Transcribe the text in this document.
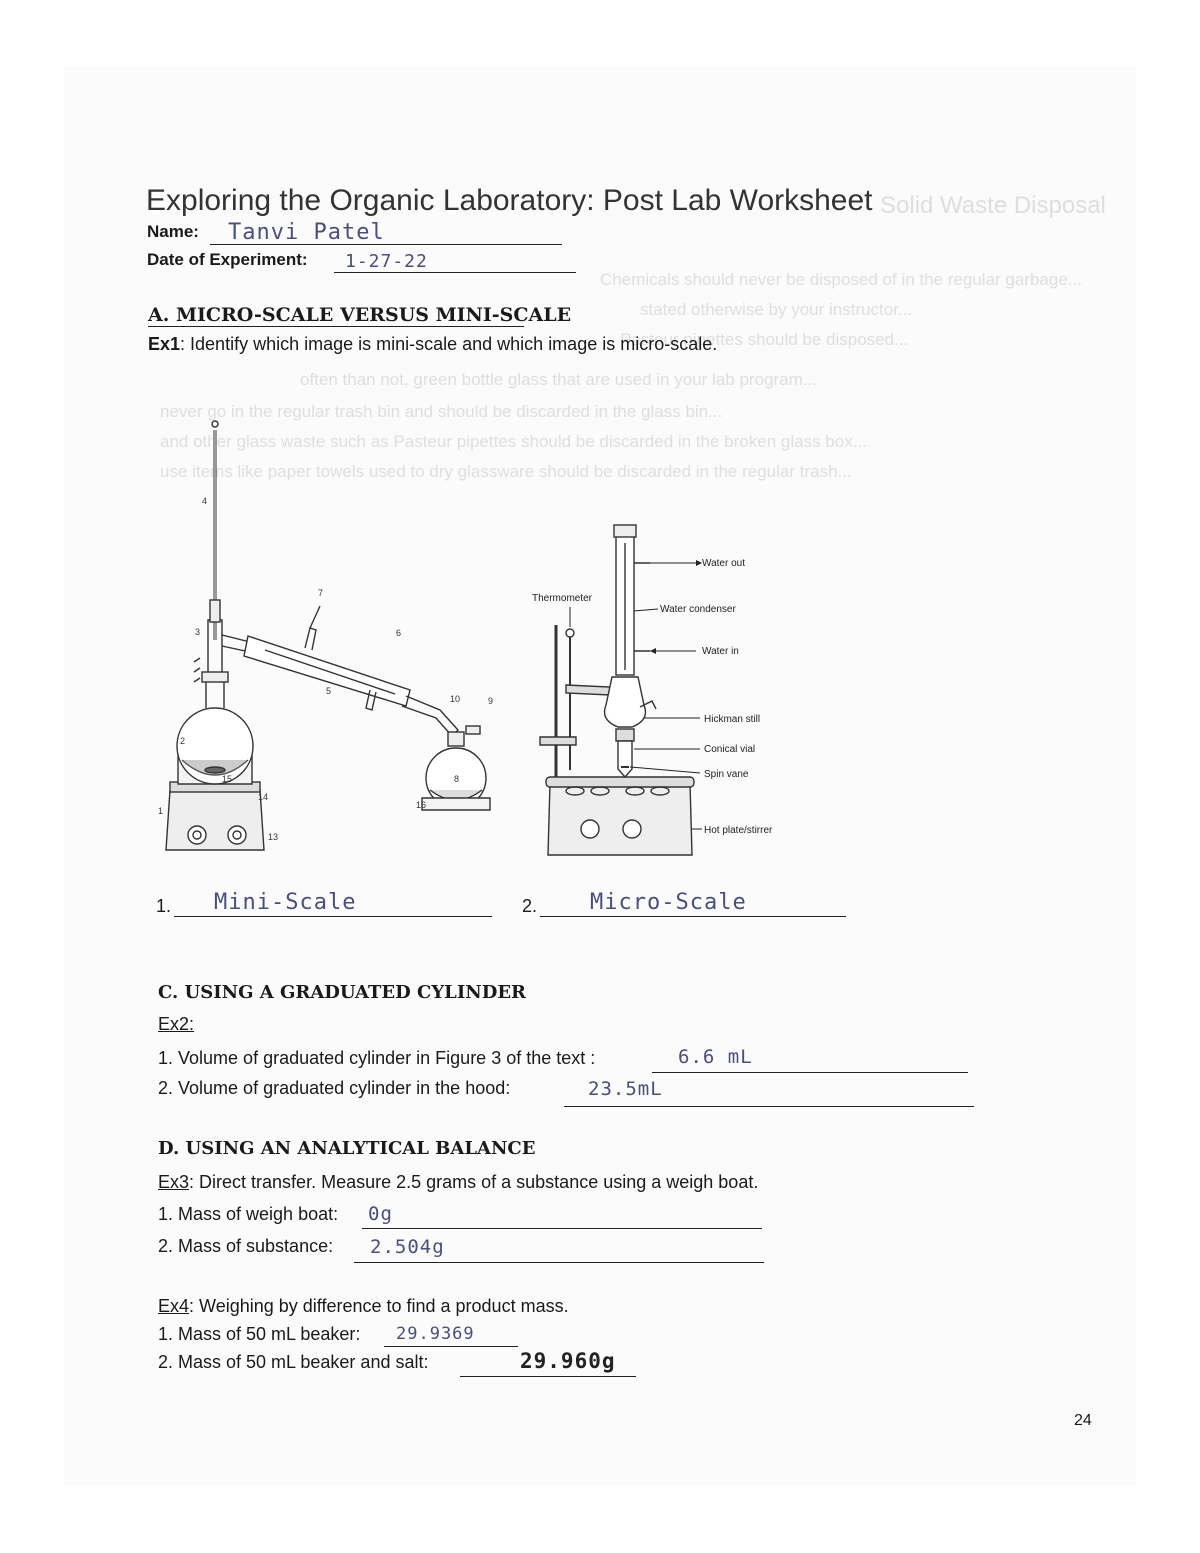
Solid Waste Disposal
Chemicals should never be disposed of in the regular garbage...
stated otherwise by your instructor...
Pasteur pipettes should be disposed...
often than not, green bottle glass that are used in your lab program...
never go in the regular trash bin and should be discarded in the glass bin...
and other glass waste such as Pasteur pipettes should be discarded in the broken glass box...
use items like paper towels used to dry glassware should be discarded in the regular trash...
Exploring the Organic Laboratory: Post Lab Worksheet
Name: Tanvi Patel
Date of Experiment: 1-27-22
A. MICRO-SCALE VERSUS MINI-SCALE
Ex1: Identify which image is mini-scale and which image is micro-scale.
4
3
7
6
5
10	9
2
8
15
14
16
1
13
Water out
Thermometer
Water condenser
Water in
Hickman still
Conical vial
Spin vane
Hot plate/stirrer
1. Mini-Scale	2. Micro-Scale
C. USING A GRADUATED CYLINDER
Ex2:
1. Volume of graduated cylinder in Figure 3 of the text :	6.6 mL
2. Volume of graduated cylinder in the hood:	23.5mL
D. USING AN ANALYTICAL BALANCE
Ex3: Direct transfer. Measure 2.5 grams of a substance using a weigh boat.
1. Mass of weigh boat: 0g
2. Mass of substance: 2.504g
Ex4: Weighing by difference to find a product mass.
1. Mass of 50 mL beaker: 29.9369
2. Mass of 50 mL beaker and salt:	29.960g
24
